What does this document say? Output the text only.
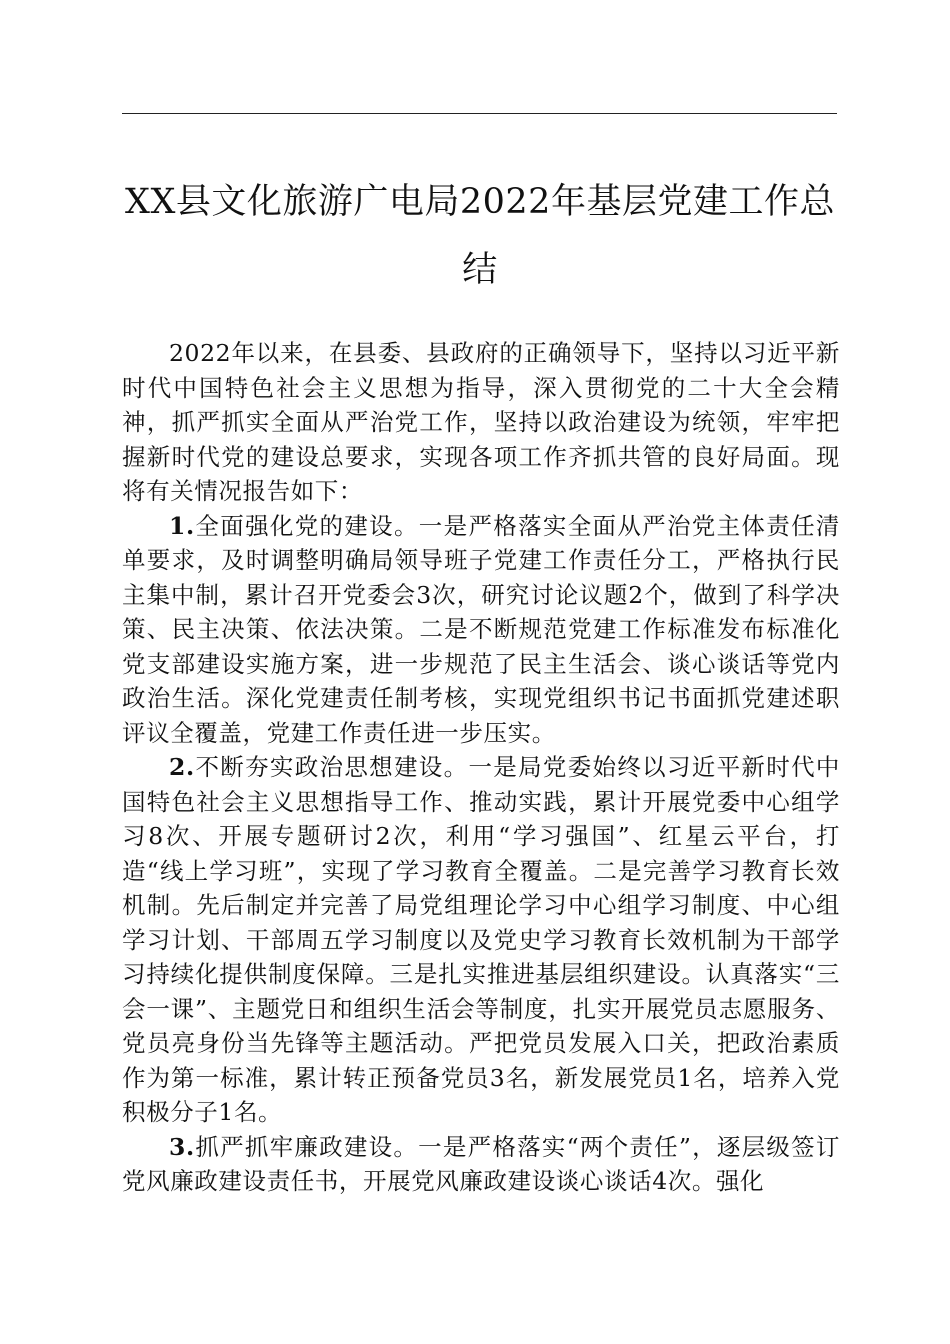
XX县文化旅游广电局2022年基层党建工作总结

2022年以来，在县委、县政府的正确领导下，坚持以习近平新时代中国特色社会主义思想为指导，深入贯彻党的二十大全会精神，抓严抓实全面从严治党工作，坚持以政治建设为统领，牢牢把握新时代党的建设总要求，实现各项工作齐抓共管的良好局面。现将有关情况报告如下：

1.全面强化党的建设。一是严格落实全面从严治党主体责任清单要求，及时调整明确局领导班子党建工作责任分工，严格执行民主集中制，累计召开党委会3次，研究讨论议题2个，做到了科学决策、民主决策、依法决策。二是不断规范党建工作标准发布标准化党支部建设实施方案，进一步规范了民主生活会、谈心谈话等党内政治生活。深化党建责任制考核，实现党组织书记书面抓党建述职评议全覆盖，党建工作责任进一步压实。

2.不断夯实政治思想建设。一是局党委始终以习近平新时代中国特色社会主义思想指导工作、推动实践，累计开展党委中心组学习8次、开展专题研讨2次，利用“学习强国”、红星云平台，打造“线上学习班”，实现了学习教育全覆盖。二是完善学习教育长效机制。先后制定并完善了局党组理论学习中心组学习制度、中心组学习计划、干部周五学习制度以及党史学习教育长效机制为干部学习持续化提供制度保障。三是扎实推进基层组织建设。认真落实“三会一课”、主题党日和组织生活会等制度，扎实开展党员志愿服务、党员亮身份当先锋等主题活动。严把党员发展入口关，把政治素质作为第一标准，累计转正预备党员3名，新发展党员1名，培养入党积极分子1名。

3.抓严抓牢廉政建设。一是严格落实“两个责任”，逐层级签订党风廉政建设责任书，开展党风廉政建设谈心谈话4次。强化
